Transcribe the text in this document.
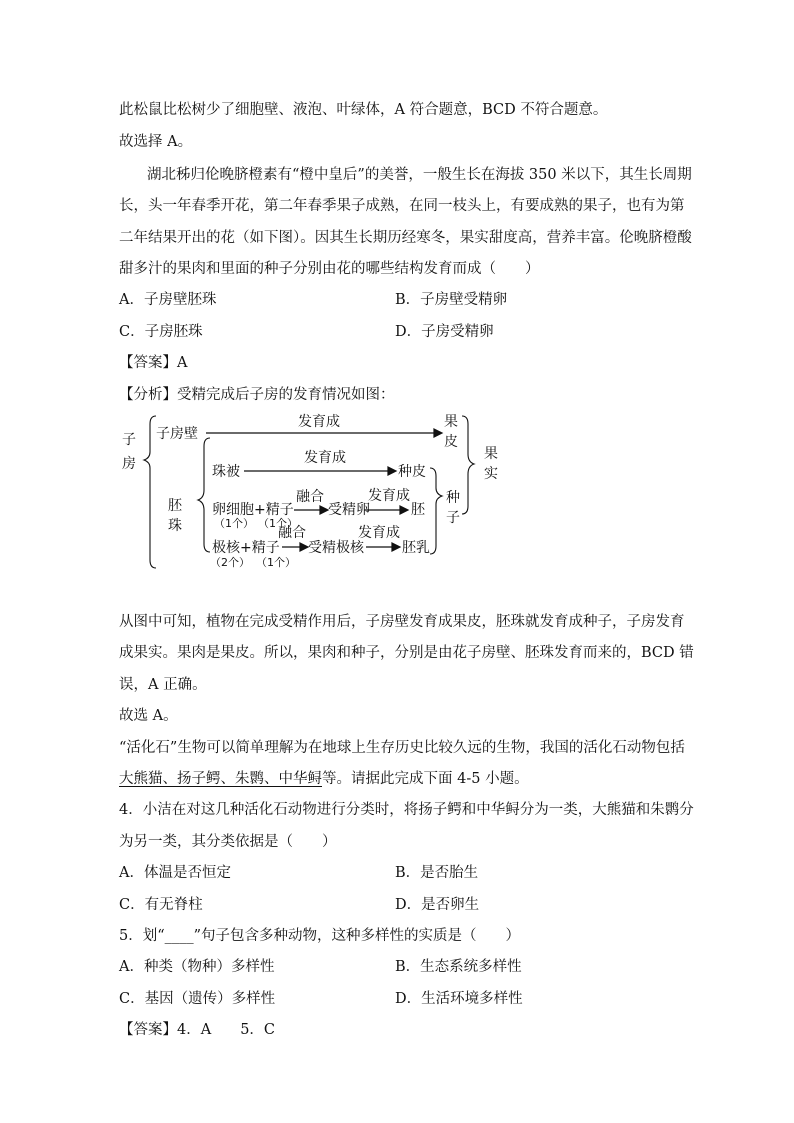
此松鼠比松树少了细胞壁、液泡、叶绿体，A 符合题意，BCD 不符合题意。
故选择 A。
湖北秭归伦晚脐橙素有“橙中皇后”的美誉，一般生长在海拔 350 米以下，其生长周期
长，头一年春季开花，第二年春季果子成熟，在同一枝头上，有要成熟的果子，也有为第
二年结果开出的花（如下图）。因其生长期历经寒冬，果实甜度高，营养丰富。伦晚脐橙酸
甜多汁的果肉和里面的种子分别由花的哪些结构发育而成（　　）
A．子房壁胚珠	B．子房壁受精卵
C．子房胚珠	D．子房受精卵
【答案】A
【分析】受精完成后子房的发育情况如图：
子
房
子房壁
发育成	果
皮
果
实
珠被
发育成
种皮
胚
珠
卵细胞+精子
融合
受精卵
发育成
胚
种
子
极核+精子
融合
受精极核
发育成
胚乳
（1个） （1个）
（2个） （1个）
从图中可知，植物在完成受精作用后，子房壁发育成果皮，胚珠就发育成种子，子房发育
成果实。果肉是果皮。所以，果肉和种子，分别是由花子房壁、胚珠发育而来的，BCD 错
误，A 正确。
故选 A。
“活化石”生物可以简单理解为在地球上生存历史比较久远的生物，我国的活化石动物包括
大熊猫、扬子鳄、朱鹮、中华鲟等。请据此完成下面 4-5 小题。
4．小洁在对这几种活化石动物进行分类时，将扬子鳄和中华鲟分为一类，大熊猫和朱鹮分
为另一类，其分类依据是（　　）
A．体温是否恒定	B．是否胎生
C．有无脊柱	D．是否卵生
5．划“____”句子包含多种动物，这种多样性的实质是（　　）
A．种类（物种）多样性	B．生态系统多样性
C．基因（遗传）多样性	D．生活环境多样性
【答案】4．A　　5．C
